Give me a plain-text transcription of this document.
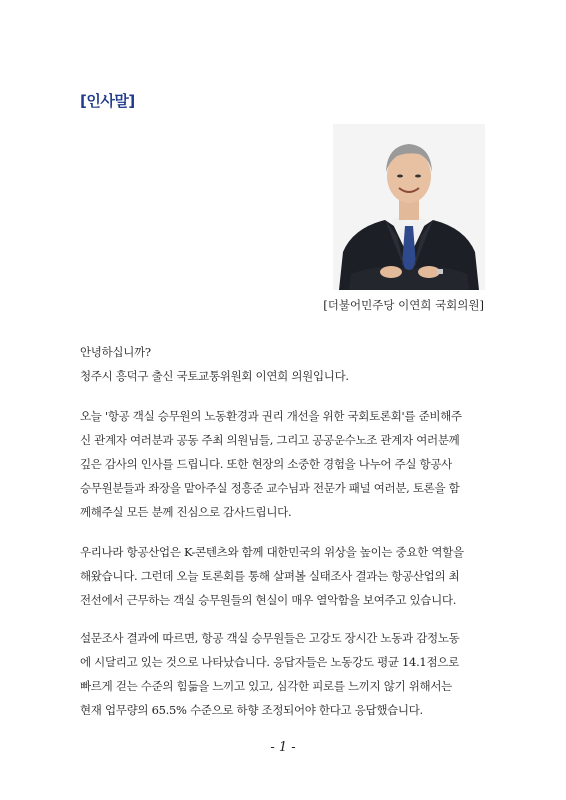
[인사말]
[더불어민주당 이연희 국회의원]

안녕하십니까?
청주시 흥덕구 출신 국토교통위원회 이연희 의원입니다.

오늘 '항공 객실 승무원의 노동환경과 권리 개선을 위한 국회토론회'를 준비해주
신 관계자 여러분과 공동 주최 의원님들, 그리고 공공운수노조 관계자 여러분께
깊은 감사의 인사를 드립니다. 또한 현장의 소중한 경험을 나누어 주실 항공사
승무원분들과 좌장을 맡아주실 정흥준 교수님과 전문가 패널 여러분, 토론을 함
께해주실 모든 분께 진심으로 감사드립니다.

우리나라 항공산업은 K-콘텐츠와 함께 대한민국의 위상을 높이는 중요한 역할을
해왔습니다. 그런데 오늘 토론회를 통해 살펴볼 실태조사 결과는 항공산업의 최
전선에서 근무하는 객실 승무원들의 현실이 매우 열악함을 보여주고 있습니다.

설문조사 결과에 따르면, 항공 객실 승무원들은 고강도 장시간 노동과 감정노동
에 시달리고 있는 것으로 나타났습니다. 응답자들은 노동강도 평균 14.1점으로
빠르게 걷는 수준의 힘듦을 느끼고 있고, 심각한 피로를 느끼지 않기 위해서는
현재 업무량의 65.5% 수준으로 하향 조정되어야 한다고 응답했습니다.

- 1 -
